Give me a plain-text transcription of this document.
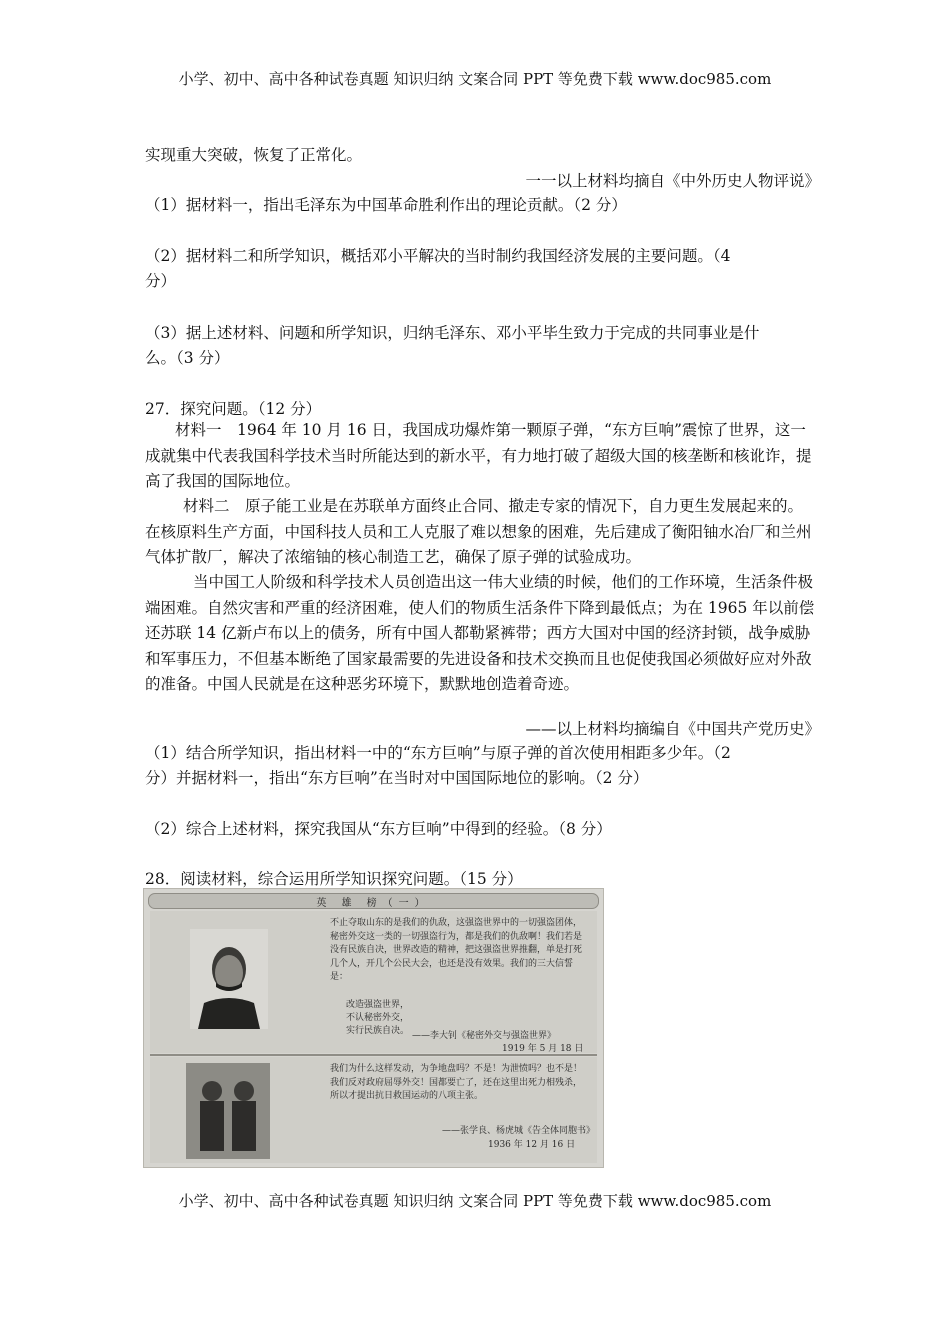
小学、初中、高中各种试卷真题 知识归纳 文案合同 PPT 等免费下载 www.doc985.com
实现重大突破，恢复了正常化。
一一以上材料均摘自《中外历史人物评说》
（1）据材料一，指出毛泽东为中国革命胜利作出的理论贡献。（2 分）
（2）据材料二和所学知识，概括邓小平解决的当时制约我国经济发展的主要问题。（4
分）
（3）据上述材料、问题和所学知识，归纳毛泽东、邓小平毕生致力于完成的共同事业是什
么。（3 分）
27．探究问题。（12 分）
材料一　1964 年 10 月 16 日，我国成功爆炸第一颗原子弹，“东方巨响”震惊了世界，这一成就集中代表我国科学技术当时所能达到的新水平，有力地打破了超级大国的核垄断和核讹诈，提高了我国的国际地位。
材料二　原子能工业是在苏联单方面终止合同、撤走专家的情况下，自力更生发展起来的。在核原料生产方面，中国科技人员和工人克服了难以想象的困难，先后建成了衡阳铀水冶厂和兰州气体扩散厂，解决了浓缩铀的核心制造工艺，确保了原子弹的试验成功。
当中国工人阶级和科学技术人员创造出这一伟大业绩的时候，他们的工作环境，生活条件极端困难。自然灾害和严重的经济困难，使人们的物质生活条件下降到最低点；为在 1965 年以前偿还苏联 14 亿新卢布以上的债务，所有中国人都勒紧裤带；西方大国对中国的经济封锁，战争威胁和军事压力，不但基本断绝了国家最需要的先进设备和技术交换而且也促使我国必须做好应对外敌的准备。中国人民就是在这种恶劣环境下，默默地创造着奇迹。
——以上材料均摘编自《中国共产党历史》
（1）结合所学知识，指出材料一中的“东方巨响”与原子弹的首次使用相距多少年。（2
分）并据材料一，指出“东方巨响”在当时对中国国际地位的影响。（2 分）
（2）综合上述材料，探究我国从“东方巨响”中得到的经验。（8 分）
28．阅读材料，综合运用所学知识探究问题。（15 分）
英 雄 榜（一）
不止夺取山东的是我们的仇敌，这强盗世界中的一切强盗团体，秘密外交这一类的一切强盗行为，都是我们的仇敌啊！我们若是没有民族自决，世界改造的精神，把这强盗世界推翻，单是打死几个人，开几个公民大会，也还是没有效果。我们的三大信誓是：
改造强盗世界，
不认秘密外交，
实行民族自决。 ——李大钊《秘密外交与强盗世界》
1919 年 5 月 18 日
我们为什么这样发动，为争地盘吗？不是！为泄愤吗？也不是！我们反对政府屈辱外交！国都要亡了，还在这里出死力相残杀，所以才提出抗日救国运动的八项主张。
——张学良、杨虎城《告全体同胞书》
1936 年 12 月 16 日
小学、初中、高中各种试卷真题 知识归纳 文案合同 PPT 等免费下载 www.doc985.com
